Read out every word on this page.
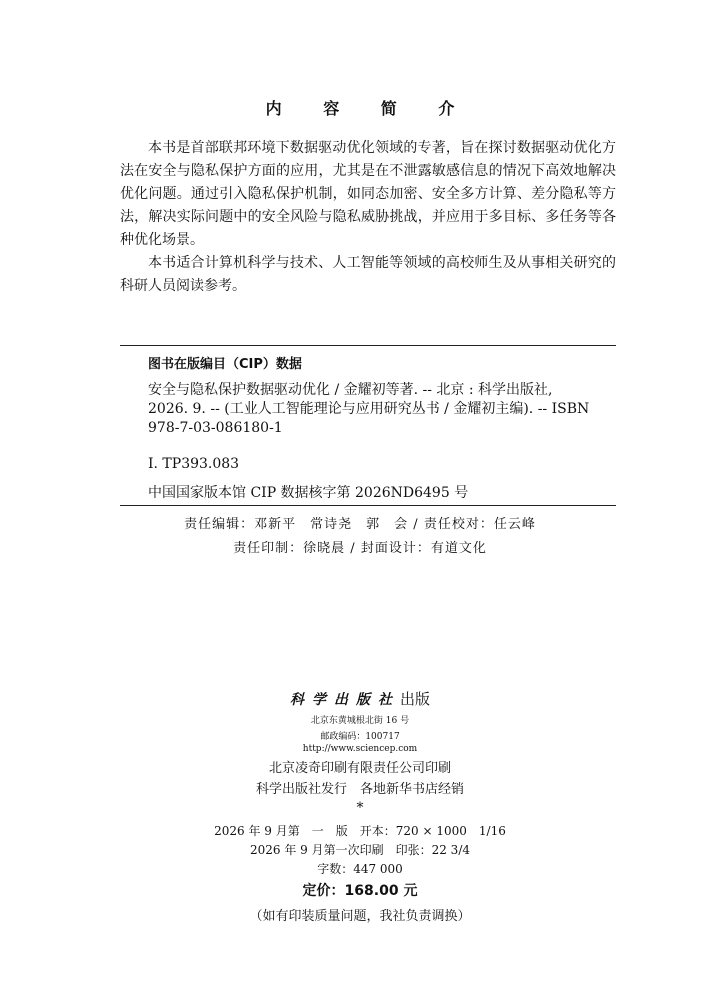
内 容 简 介

本书是首部联邦环境下数据驱动优化领域的专著，旨在探讨数据驱动优化方法在安全与隐私保护方面的应用，尤其是在不泄露敏感信息的情况下高效地解决优化问题。通过引入隐私保护机制，如同态加密、安全多方计算、差分隐私等方法，解决实际问题中的安全风险与隐私威胁挑战，并应用于多目标、多任务等各种优化场景。

本书适合计算机科学与技术、人工智能等领域的高校师生及从事相关研究的科研人员阅读参考。

图书在版编目（CIP）数据
安全与隐私保护数据驱动优化 / 金耀初等著. -- 北京 : 科学出版社,
2026. 9. -- (工业人工智能理论与应用研究丛书 / 金耀初主编). -- ISBN
978-7-03-086180-1
Ⅰ. TP393.083
中国国家版本馆 CIP 数据核字第 2026ND6495 号
责任编辑：邓新平　常诗尧　郭　会 / 责任校对：任云峰
责任印制：徐晓晨 / 封面设计：有道文化
科学出版社出版
北京东黄城根北街 16 号
邮政编码：100717
http://www.sciencep.com
北京凌奇印刷有限责任公司印刷
科学出版社发行　各地新华书店经销
*
2026 年 9 月第　一　版　开本：720 × 1000　1/16
2026 年 9 月第一次印刷　印张：22 3/4
字数：447 000
定价：168.00 元
（如有印装质量问题，我社负责调换）
